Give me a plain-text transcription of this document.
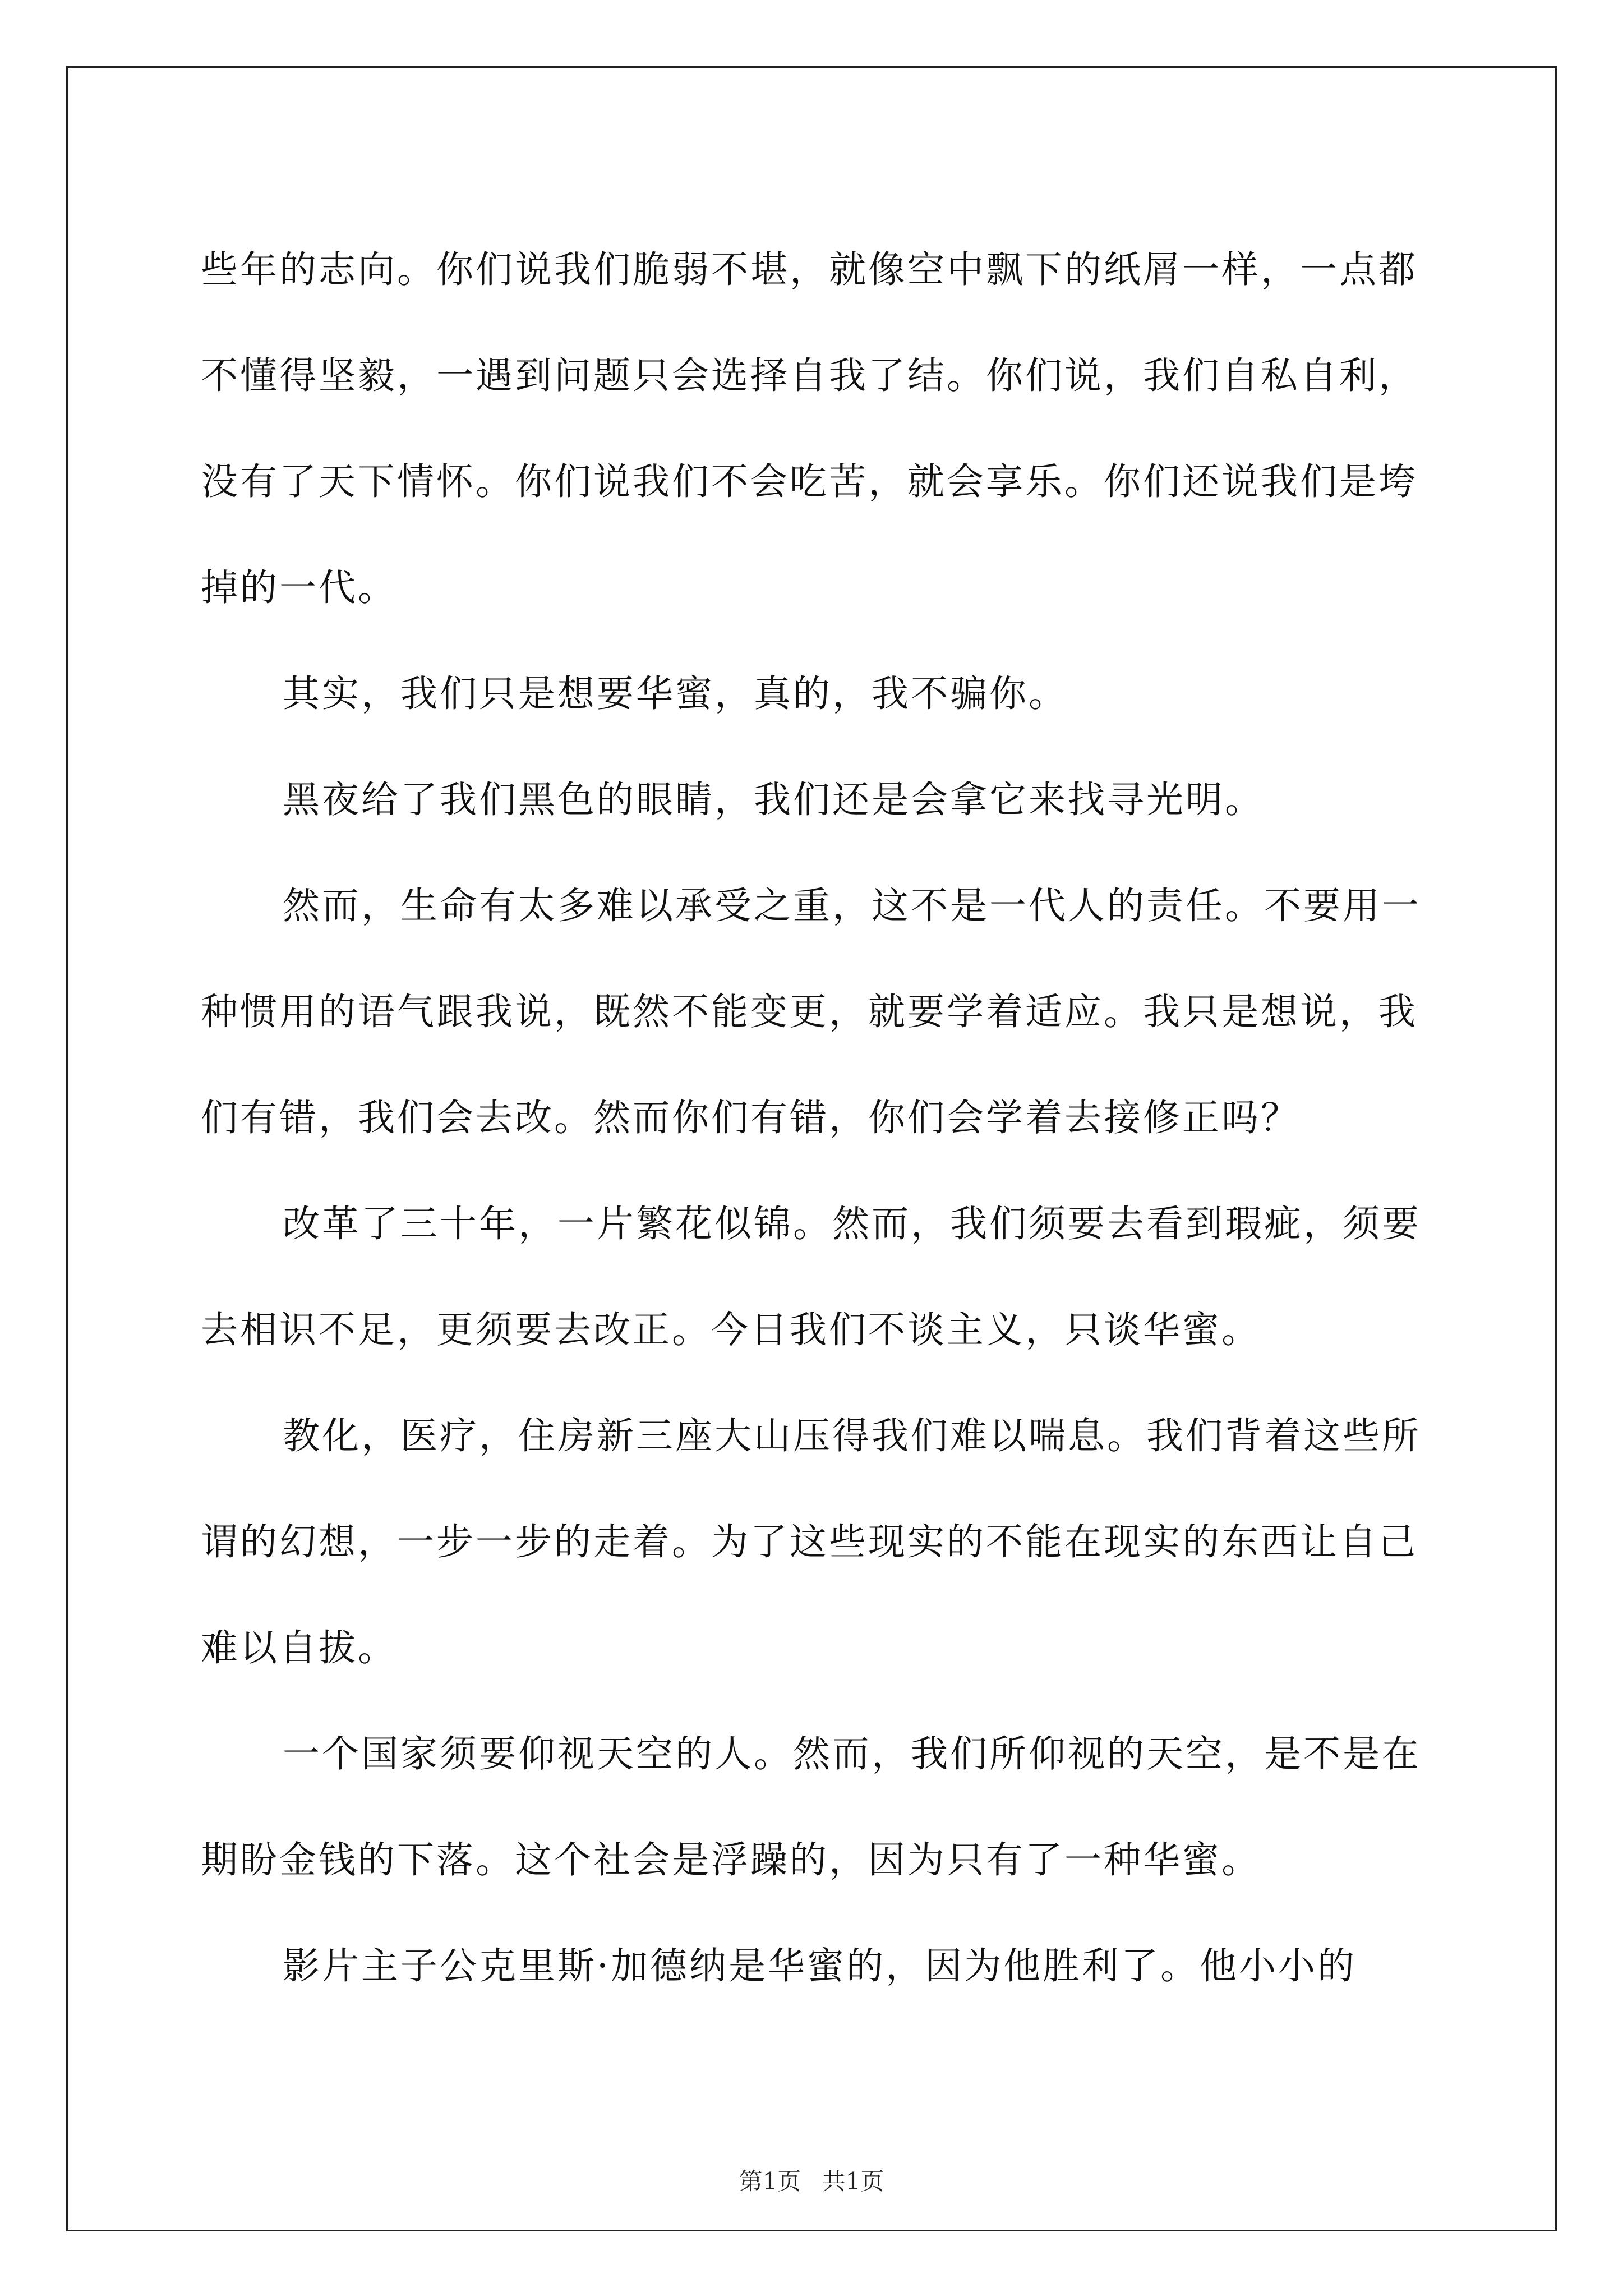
些年的志向。你们说我们脆弱不堪，就像空中飘下的纸屑一样，一点都不懂得坚毅，一遇到问题只会选择自我了结。你们说，我们自私自利，没有了天下情怀。你们说我们不会吃苦，就会享乐。你们还说我们是垮掉的一代。

其实，我们只是想要华蜜，真的，我不骗你。

黑夜给了我们黑色的眼睛，我们还是会拿它来找寻光明。

然而，生命有太多难以承受之重，这不是一代人的责任。不要用一种惯用的语气跟我说，既然不能变更，就要学着适应。我只是想说，我们有错，我们会去改。然而你们有错，你们会学着去接修正吗？

改革了三十年，一片繁花似锦。然而，我们须要去看到瑕疵，须要去相识不足，更须要去改正。今日我们不谈主义，只谈华蜜。

教化，医疗，住房新三座大山压得我们难以喘息。我们背着这些所谓的幻想，一步一步的走着。为了这些现实的不能在现实的东西让自己难以自拔。

一个国家须要仰视天空的人。然而，我们所仰视的天空，是不是在期盼金钱的下落。这个社会是浮躁的，因为只有了一种华蜜。

影片主子公克里斯·加德纳是华蜜的，因为他胜利了。他小小的

第1页 共1页
